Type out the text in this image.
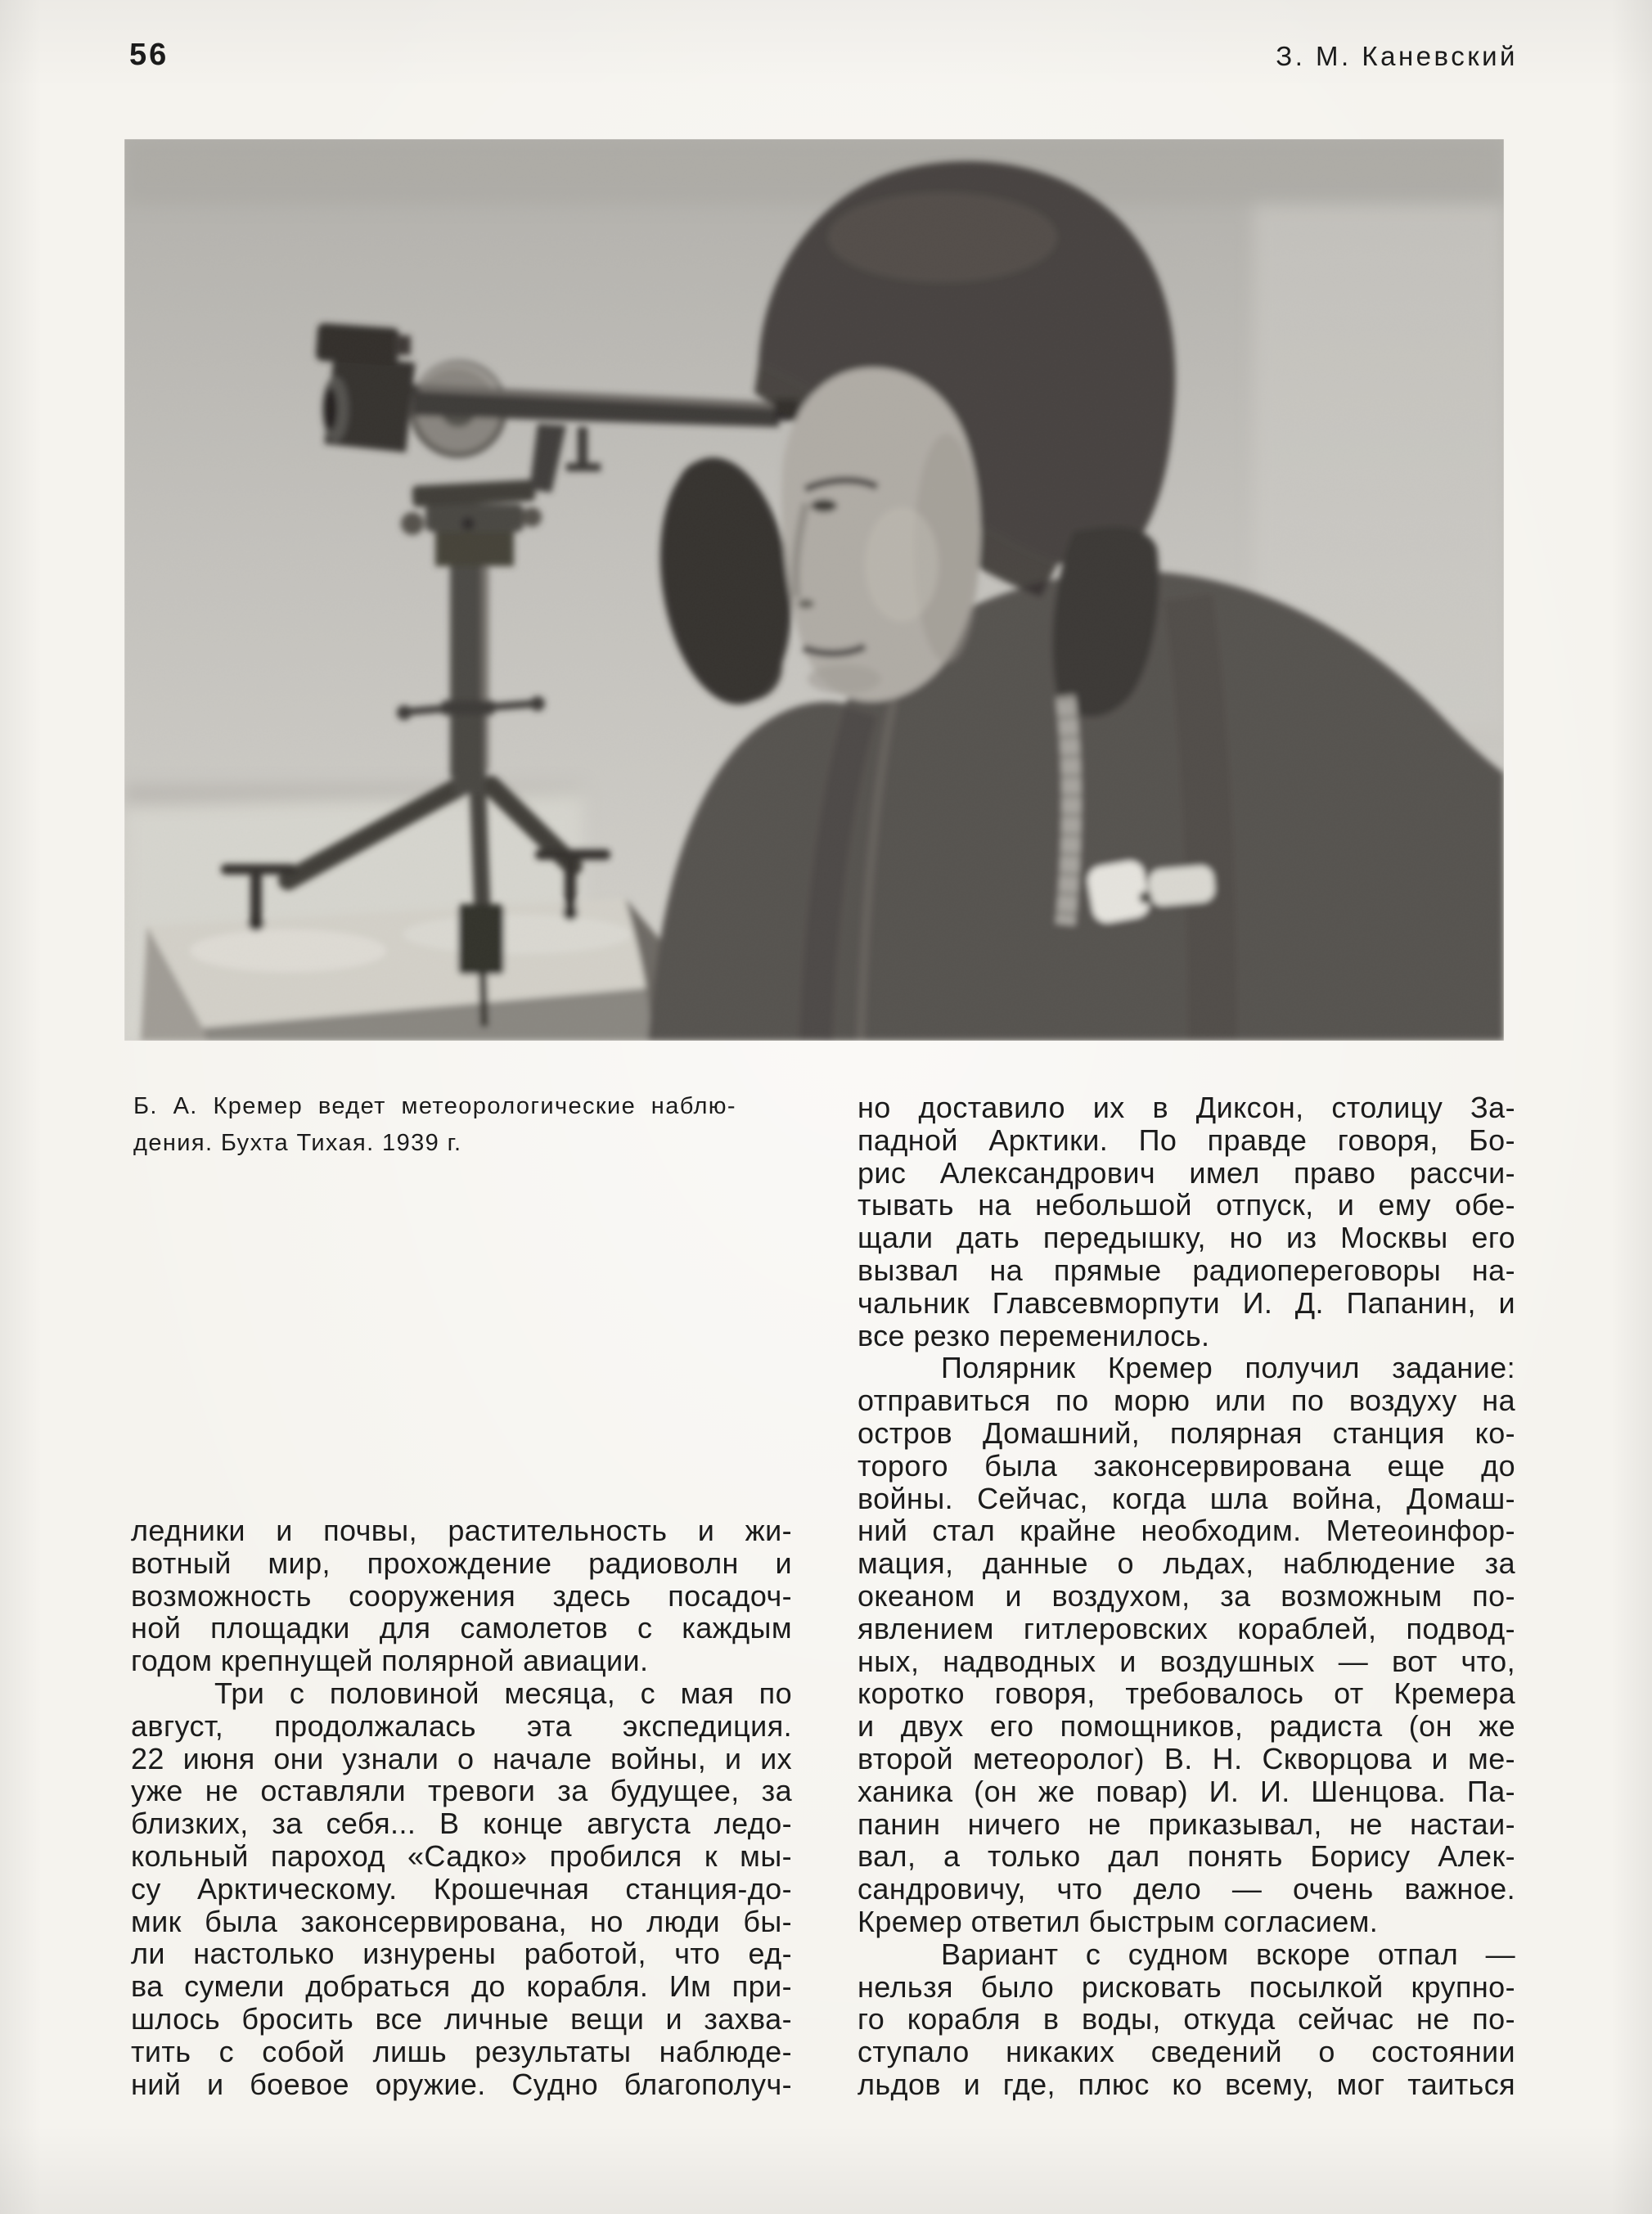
56	З. М. Каневский
Б. А. Кремер ведет метеорологические наблю-
дения. Бухта Тихая. 1939 г.
ледники и почвы, растительность и жи-
вотный мир, прохождение радиоволн и
возможность сооружения здесь посадоч-
ной площадки для самолетов с каждым
годом крепнущей полярной авиации.
Три с половиной месяца, с мая по
август, продолжалась эта экспедиция.
22 июня они узнали о начале войны, и их
уже не оставляли тревоги за будущее, за
близких, за себя... В конце августа ледо-
кольный пароход «Садко» пробился к мы-
су Арктическому. Крошечная станция-до-
мик была законсервирована, но люди бы-
ли настолько изнурены работой, что ед-
ва сумели добраться до корабля. Им при-
шлось бросить все личные вещи и захва-
тить с собой лишь результаты наблюде-
ний и боевое оружие. Судно благополуч-
но доставило их в Диксон, столицу За-
падной Арктики. По правде говоря, Бо-
рис Александрович имел право рассчи-
тывать на небольшой отпуск, и ему обе-
щали дать передышку, но из Москвы его
вызвал на прямые радиопереговоры на-
чальник Главсевморпути И. Д. Папанин, и
все резко переменилось.
Полярник Кремер получил задание:
отправиться по морю или по воздуху на
остров Домашний, полярная станция ко-
торого была законсервирована еще до
войны. Сейчас, когда шла война, Домаш-
ний стал крайне необходим. Метеоинфор-
мация, данные о льдах, наблюдение за
океаном и воздухом, за возможным по-
явлением гитлеровских кораблей, подвод-
ных, надводных и воздушных — вот что,
коротко говоря, требовалось от Кремера
и двух его помощников, радиста (он же
второй метеоролог) В. Н. Скворцова и ме-
ханика (он же повар) И. И. Шенцова. Па-
панин ничего не приказывал, не настаи-
вал, а только дал понять Борису Алек-
сандровичу, что дело — очень важное.
Кремер ответил быстрым согласием.
Вариант с судном вскоре отпал —
нельзя было рисковать посылкой крупно-
го корабля в воды, откуда сейчас не по-
ступало никаких сведений о состоянии
льдов и где, плюс ко всему, мог таиться
